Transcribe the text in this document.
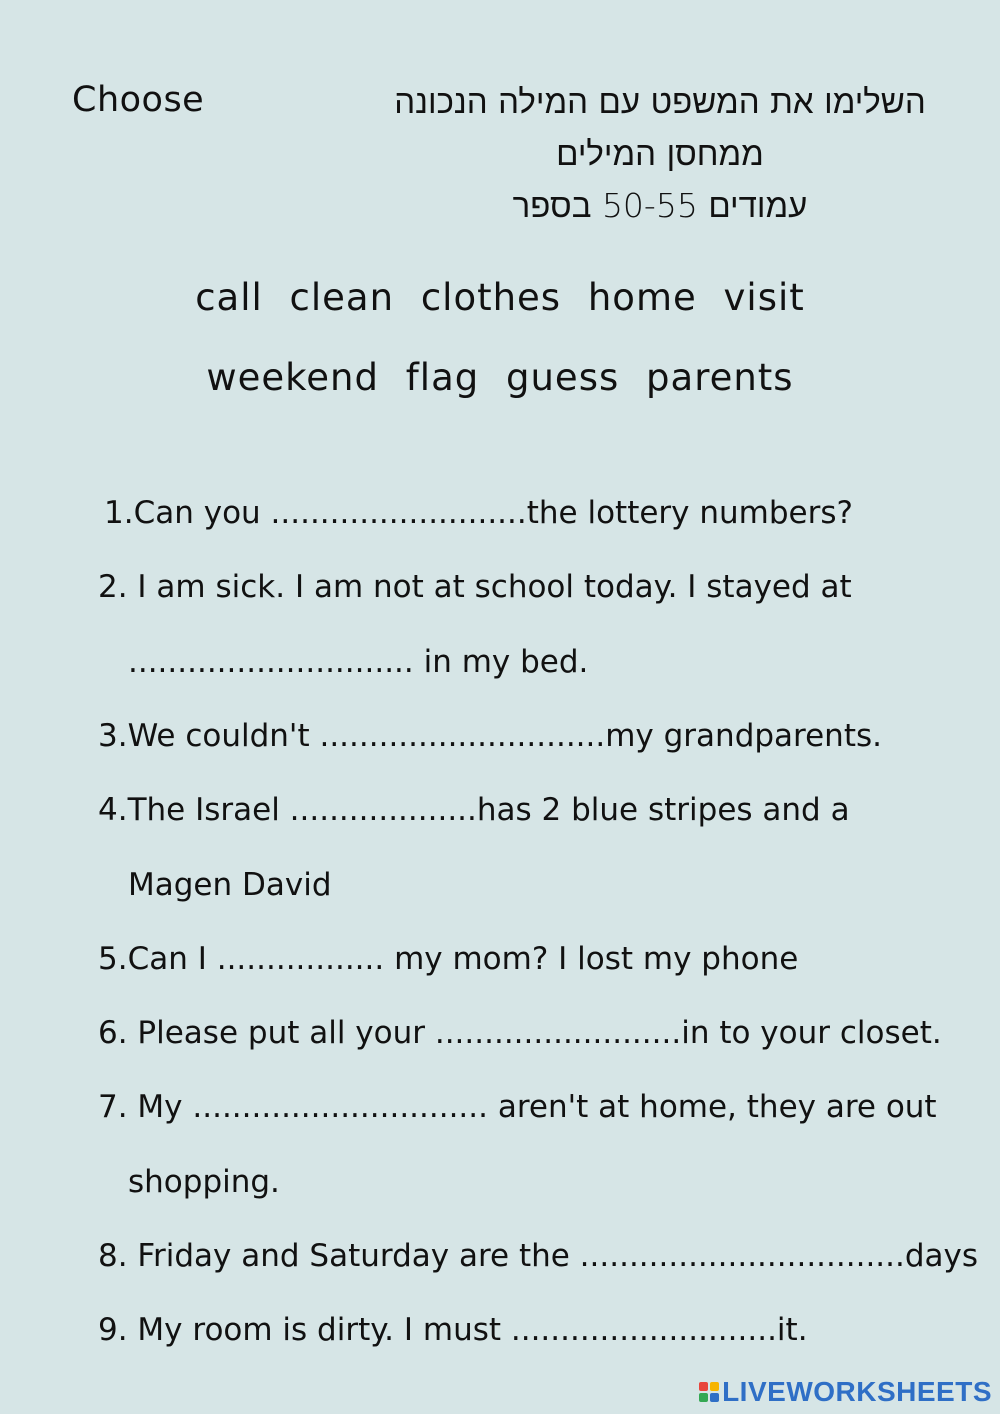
Choose	השלימו את המשפט עם המילה הנכונה
ממחסן המילים
עמודים 50-55 בספר
call clean clothes home visit
weekend flag guess parents
1.Can you ..........................the lottery numbers?
2. I am sick. I am not at school today. I stayed at
............................. in my bed.
3.We couldn't .............................my grandparents.
4.The Israel ...................has 2 blue stripes and a
Magen David
5.Can I ................. my mom? I lost my phone
6. Please put all your .........................in to your closet.
7. My .............................. aren't at home, they are out
shopping.
8. Friday and Saturday are the .................................days
9. My room is dirty. I must ...........................it.
LIVEWORKSHEETS
